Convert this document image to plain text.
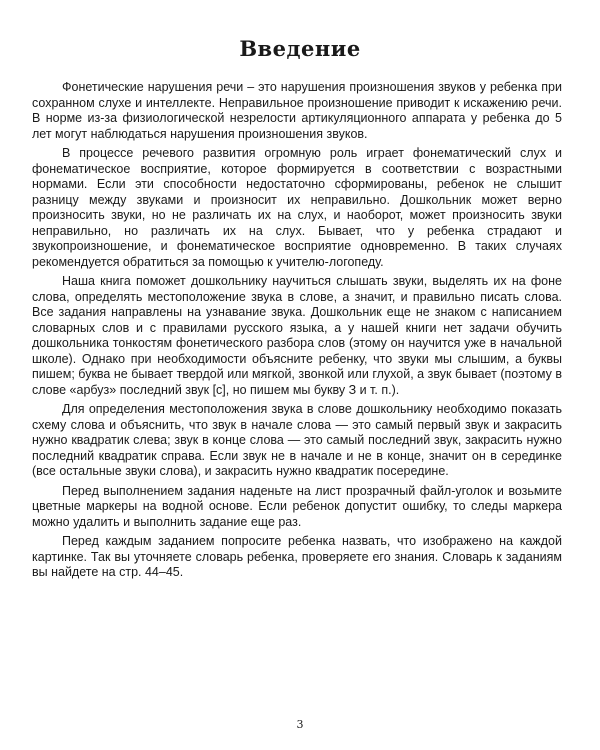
Введение

Фонетические нарушения речи – это нарушения произношения звуков у ребенка при сохранном слухе и интеллекте. Неправильное произношение приводит к искажению речи. В норме из-за физиологической незрелости артикуляционного аппарата у ребенка до 5 лет могут наблюдаться нарушения произношения звуков.

В процессе речевого развития огромную роль играет фонематический слух и фонематическое восприятие, которое формируется в соответствии с возрастными нормами. Если эти способности недостаточно сформированы, ребенок не слышит разницу между звуками и произносит их неправильно. Дошкольник может верно произносить звуки, но не различать их на слух, и наоборот, может произносить звуки неправильно, но различать их на слух. Бывает, что у ребенка страдают и звукопроизношение, и фонематическое восприятие одновременно. В таких случаях рекомендуется обратиться за помощью к учителю-логопеду.

Наша книга поможет дошкольнику научиться слышать звуки, выделять их на фоне слова, определять местоположение звука в слове, а значит, и правильно писать слова. Все задания направлены на узнавание звука. Дошкольник еще не знаком с написанием словарных слов и с правилами русского языка, а у нашей книги нет задачи обучить дошкольника тонкостям фонетического разбора слов (этому он научится уже в начальной школе). Однако при необходимости объясните ребенку, что звуки мы слышим, а буквы пишем; буква не бывает твердой или мягкой, звонкой или глухой, а звук бывает (поэтому в слове «арбуз» последний звук [с], но пишем мы букву З и т. п.).

Для определения местоположения звука в слове дошкольнику необходимо показать схему слова и объяснить, что звук в начале слова — это самый первый звук и закрасить нужно квадратик слева; звук в конце слова — это самый последний звук, закрасить нужно последний квадратик справа. Если звук не в начале и не в конце, значит он в серединке (все остальные звуки слова), и закрасить нужно квадратик посередине.

Перед выполнением задания наденьте на лист прозрачный файл-уголок и возьмите цветные маркеры на водной основе. Если ребенок допустит ошибку, то следы маркера можно удалить и выполнить задание еще раз.

Перед каждым заданием попросите ребенка назвать, что изображено на каждой картинке. Так вы уточняете словарь ребенка, проверяете его знания. Словарь к заданиям вы найдете на стр. 44–45.

3
